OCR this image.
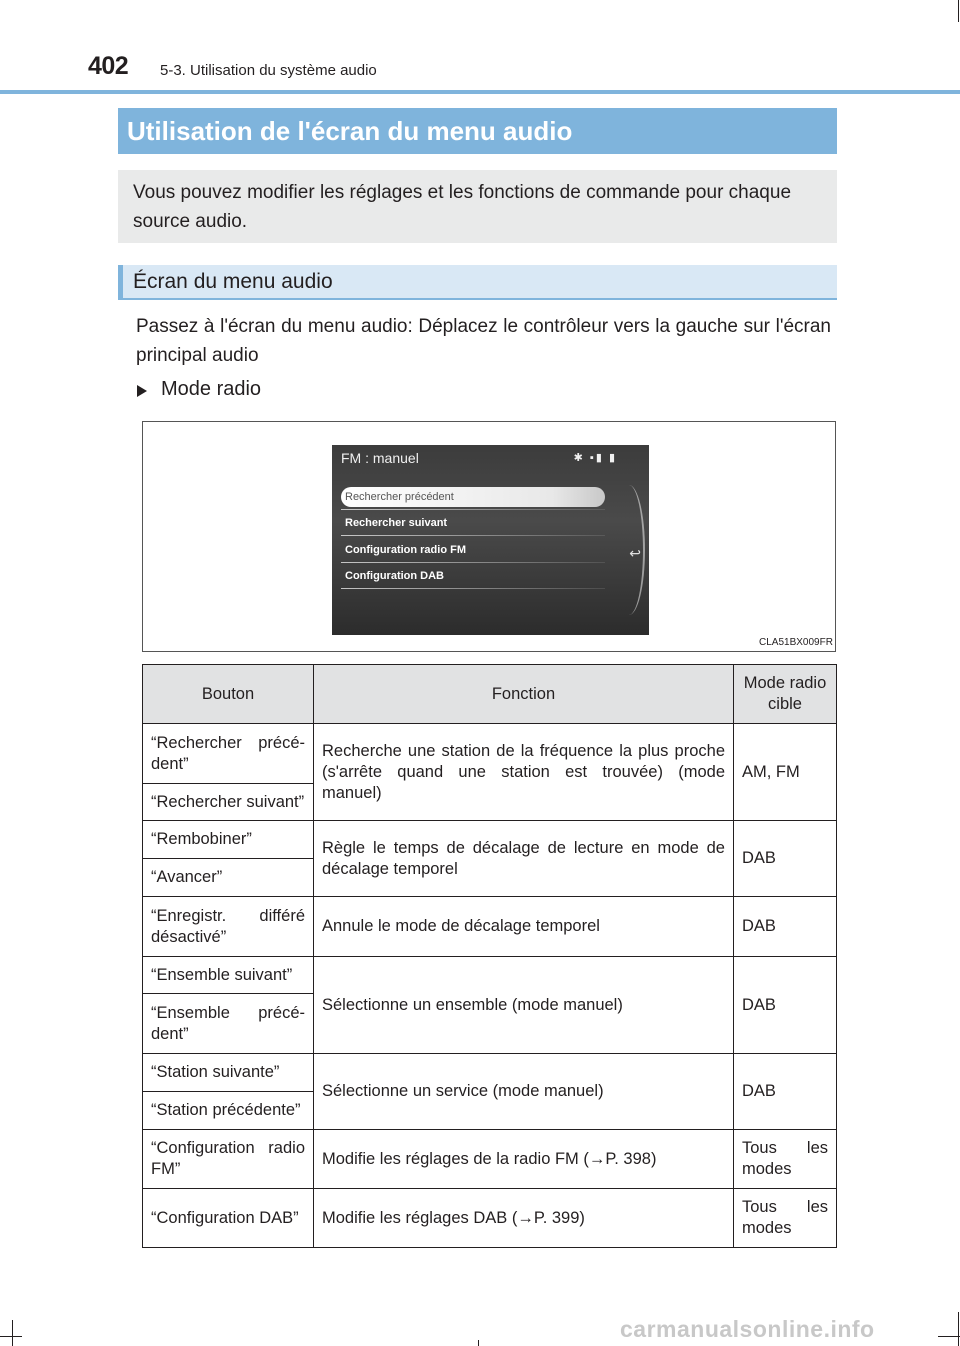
402 5-3. Utilisation du système audio
Utilisation de l'écran du menu audio
Vous pouvez modifier les réglages et les fonctions de commande pour chaque source audio.
Écran du menu audio
Passez à l'écran du menu audio: Déplacez le contrôleur vers la gauche sur l'écran principal audio
Mode radio
FM : manuel	✱ ▪▮ ▮
Rechercher précédent
Rechercher suivant
Configuration radio FM
Configuration DAB
↩
CLA51BX009FR
Bouton	Fonction	Mode radio cible
“Rechercher précé-dent”	Recherche une station de la fréquence la plus proche (s'arrête quand une station est trouvée) (mode manuel)	AM, FM
“Rechercher suivant”		
“Rembobiner”	Règle le temps de décalage de lecture en mode de décalage temporel	DAB
“Avancer”		
“Enregistr. différé désactivé”	Annule le mode de décalage temporel	DAB
“Ensemble suivant”	Sélectionne un ensemble (mode manuel)	DAB
“Ensemble précé-dent”		
“Station suivante”	Sélectionne un service (mode manuel)	DAB
“Station précédente”		
“Configuration radio FM”	Modifie les réglages de la radio FM (→P. 398)	Tous les modes
“Configuration DAB”	Modifie les réglages DAB (→P. 399)	Tous les modes
carmanualsonline.info
